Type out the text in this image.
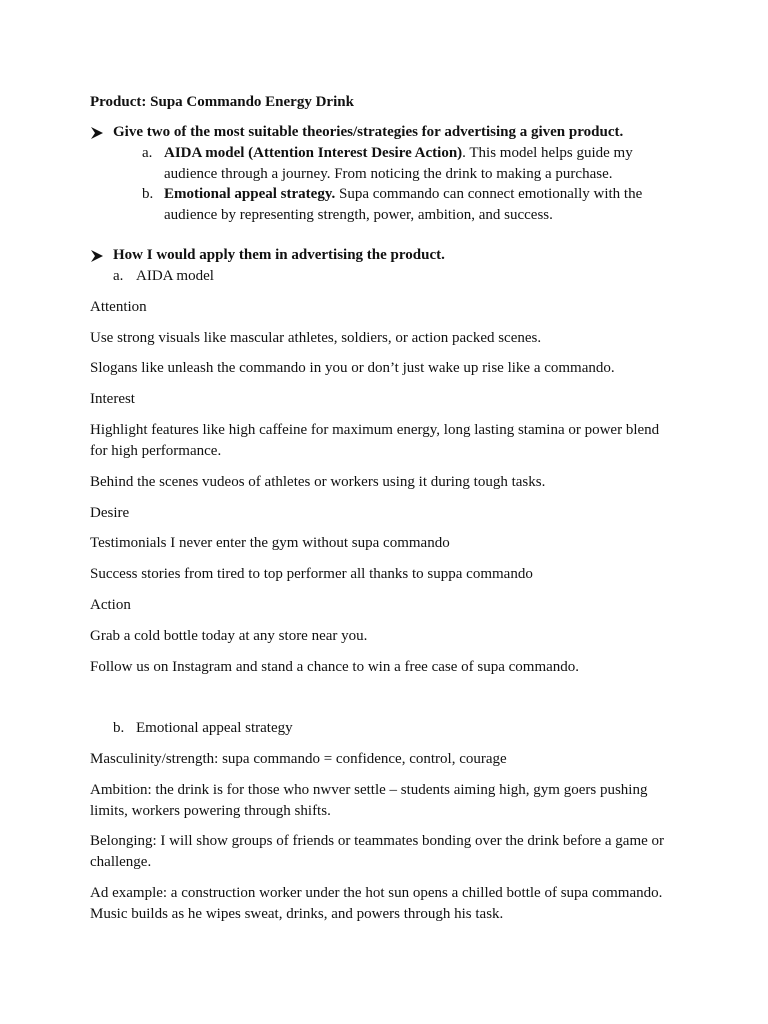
Product: Supa Commando Energy Drink
Give two of the most suitable theories/strategies for advertising a given product.
a. AIDA model (Attention Interest Desire Action). This model helps guide my
audience through a journey. From noticing the drink to making a purchase.
b. Emotional appeal strategy. Supa commando can connect emotionally with the
audience by representing strength, power, ambition, and success.
How I would apply them in advertising the product.
a. AIDA model
Attention
Use strong visuals like mascular athletes, soldiers, or action packed scenes.
Slogans like unleash the commando in you or don’t just wake up rise like a commando.
Interest
Highlight features like high caffeine for maximum energy, long lasting stamina or power blend
for high performance.
Behind the scenes vudeos of athletes or workers using it during tough tasks.
Desire
Testimonials I never enter the gym without supa commando
Success stories from tired to top performer all thanks to suppa commando
Action
Grab a cold bottle today at any store near you.
Follow us on Instagram and stand a chance to win a free case of supa commando.
b. Emotional appeal strategy
Masculinity/strength: supa commando = confidence, control, courage
Ambition: the drink is for those who nwver settle – students aiming high, gym goers pushing
limits, workers powering through shifts.
Belonging: I will show groups of friends or teammates bonding over the drink before a game or
challenge.
Ad example: a construction worker under the hot sun opens a chilled bottle of supa commando.
Music builds as he wipes sweat, drinks, and powers through his task.
